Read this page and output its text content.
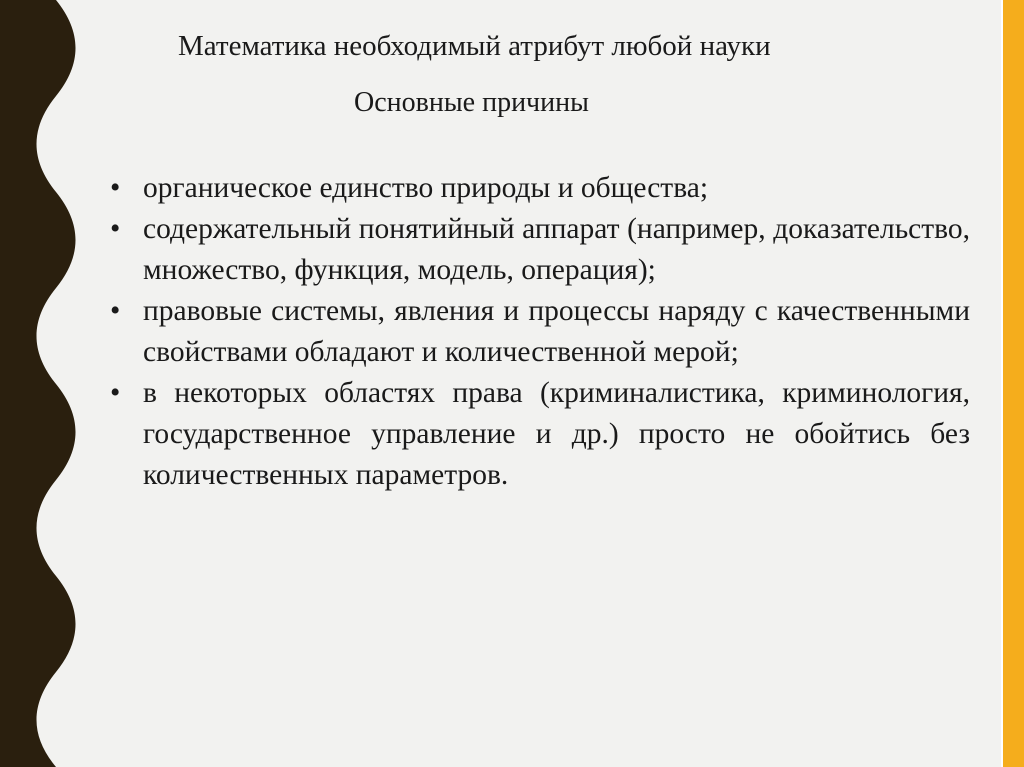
Математика необходимый атрибут любой науки
Основные причины
• органическое единство природы и общества;
• содержательный понятийный аппарат (например, доказательство, множество, функция, модель, операция);
• правовые системы, явления и процессы наряду с качественными свойствами обладают и количественной мерой;
• в некоторых областях права (криминалистика, криминология, государственное управление и др.) просто не обойтись без количественных параметров.
